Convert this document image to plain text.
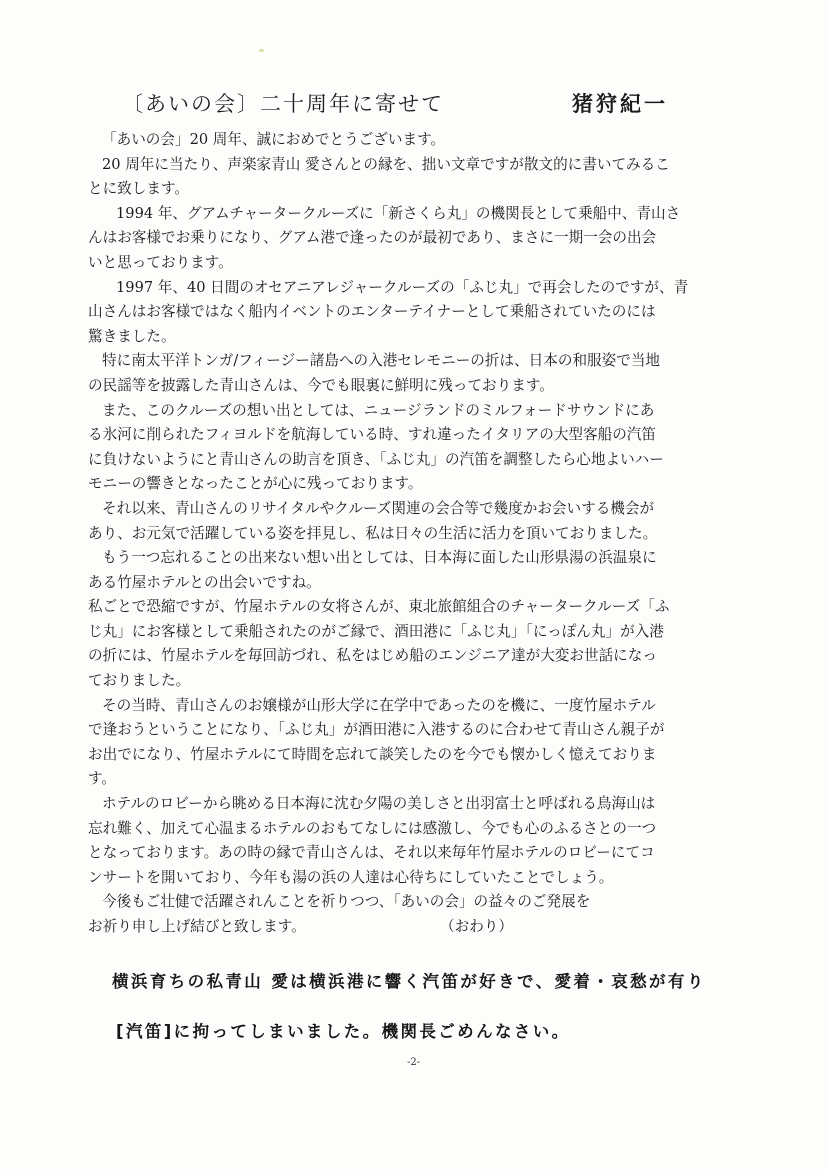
〔あいの会〕二十周年に寄せて	猪狩紀一
「あいの会」20 周年、誠におめでとうございます。
20 周年に当たり、声楽家青山 愛さんとの縁を、拙い文章ですが散文的に書いてみるこ
とに致します。
1994 年、グアムチャータークルーズに「新さくら丸」の機関長として乗船中、青山さ
んはお客様でお乗りになり、グアム港で逢ったのが最初であり、まさに一期一会の出会
いと思っております。
1997 年、40 日間のオセアニアレジャークルーズの「ふじ丸」で再会したのですが、青
山さんはお客様ではなく船内イベントのエンターテイナーとして乗船されていたのには
驚きました。
特に南太平洋トンガ/フィージー諸島への入港セレモニーの折は、日本の和服姿で当地
の民謡等を披露した青山さんは、今でも眼裏に鮮明に残っております。
また、このクルーズの想い出としては、ニュージランドのミルフォードサウンドにあ
る氷河に削られたフィヨルドを航海している時、すれ違ったイタリアの大型客船の汽笛
に負けないようにと青山さんの助言を頂き、「ふじ丸」の汽笛を調整したら心地よいハー
モニーの響きとなったことが心に残っております。
それ以来、青山さんのリサイタルやクルーズ関連の会合等で幾度かお会いする機会が
あり、お元気で活躍している姿を拝見し、私は日々の生活に活力を頂いておりました。
もう一つ忘れることの出来ない想い出としては、日本海に面した山形県湯の浜温泉に
ある竹屋ホテルとの出会いですね。
私ごとで恐縮ですが、竹屋ホテルの女将さんが、東北旅館組合のチャータークルーズ「ふ
じ丸」にお客様として乗船されたのがご縁で、酒田港に「ふじ丸」「にっぽん丸」が入港
の折には、竹屋ホテルを毎回訪づれ、私をはじめ船のエンジニア達が大変お世話になっ
ておりました。
その当時、青山さんのお嬢様が山形大学に在学中であったのを機に、一度竹屋ホテル
で逢おうということになり、「ふじ丸」が酒田港に入港するのに合わせて青山さん親子が
お出でになり、竹屋ホテルにて時間を忘れて談笑したのを今でも懐かしく憶えておりま
す。
ホテルのロビーから眺める日本海に沈む夕陽の美しさと出羽富士と呼ばれる鳥海山は
忘れ難く、加えて心温まるホテルのおもてなしには感激し、今でも心のふるさとの一つ
となっております。あの時の縁で青山さんは、それ以来毎年竹屋ホテルのロビーにてコ
ンサートを開いており、今年も湯の浜の人達は心待ちにしていたことでしょう。
今後もご壮健で活躍されんことを祈りつつ、「あいの会」の益々のご発展を
お祈り申し上げ結びと致します。	（おわり）
横浜育ちの私青山 愛は横浜港に響く汽笛が好きで、愛着・哀愁が有り
[汽笛]に拘ってしまいました。機関長ごめんなさい。
-2-
